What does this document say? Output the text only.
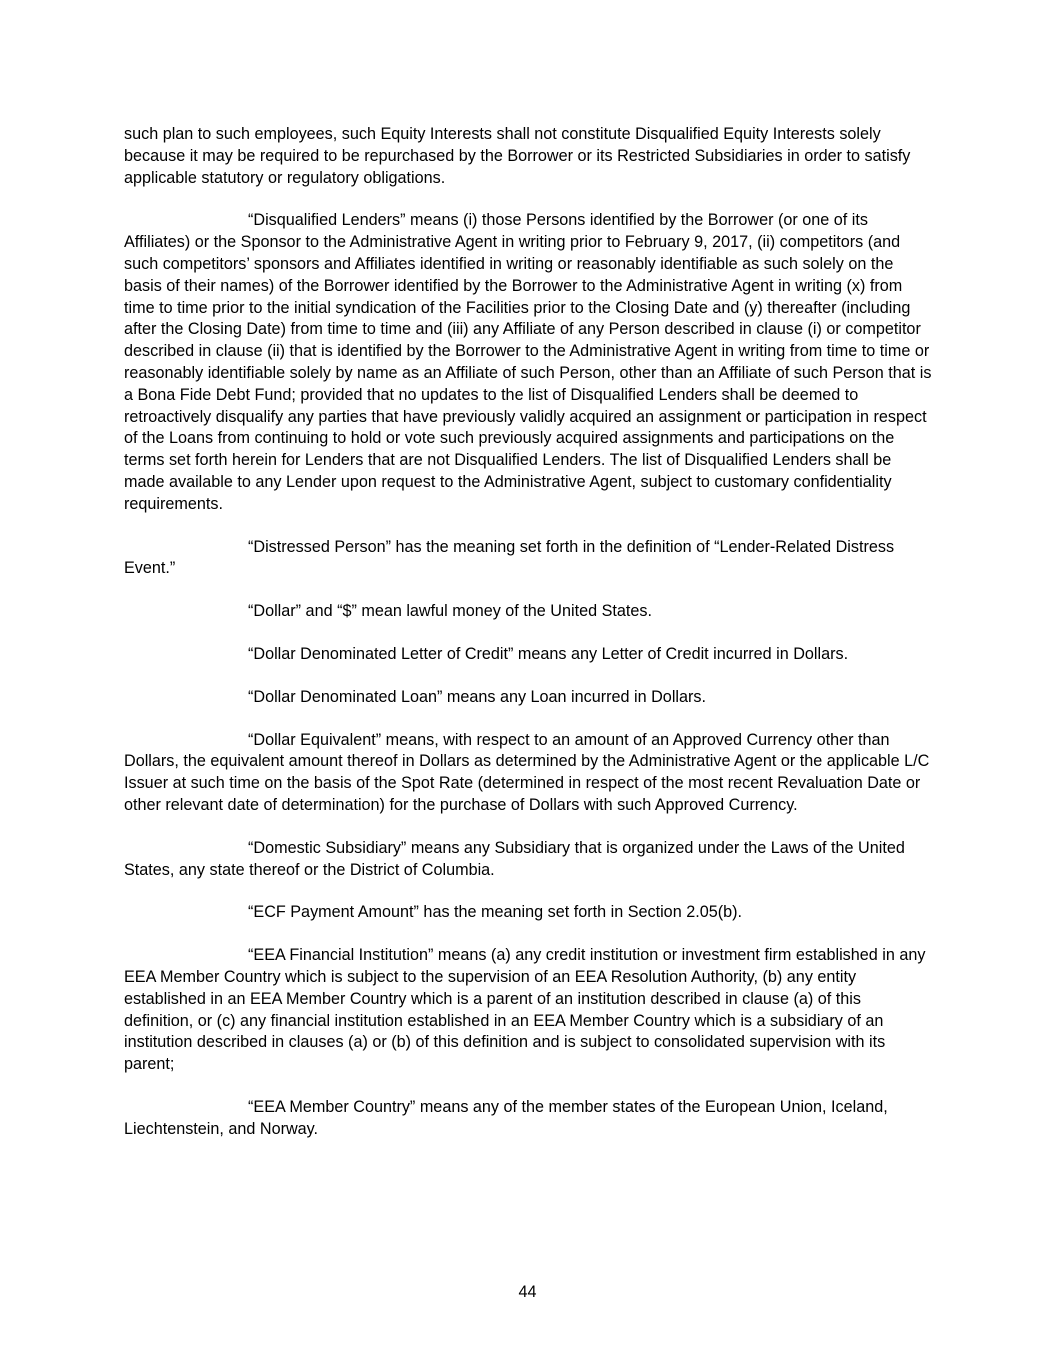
such plan to such employees, such Equity Interests shall not constitute Disqualified Equity Interests solely because it may be required to be repurchased by the Borrower or its Restricted Subsidiaries in order to satisfy applicable statutory or regulatory obligations.

“Disqualified Lenders” means (i) those Persons identified by the Borrower (or one of its Affiliates) or the Sponsor to the Administrative Agent in writing prior to February 9, 2017, (ii) competitors (and such competitors’ sponsors and Affiliates identified in writing or reasonably identifiable as such solely on the basis of their names) of the Borrower identified by the Borrower to the Administrative Agent in writing (x) from time to time prior to the initial syndication of the Facilities prior to the Closing Date and (y) thereafter (including after the Closing Date) from time to time and (iii) any Affiliate of any Person described in clause (i) or competitor described in clause (ii) that is identified by the Borrower to the Administrative Agent in writing from time to time or reasonably identifiable solely by name as an Affiliate of such Person, other than an Affiliate of such Person that is a Bona Fide Debt Fund; provided that no updates to the list of Disqualified Lenders shall be deemed to retroactively disqualify any parties that have previously validly acquired an assignment or participation in respect of the Loans from continuing to hold or vote such previously acquired assignments and participations on the terms set forth herein for Lenders that are not Disqualified Lenders. The list of Disqualified Lenders shall be made available to any Lender upon request to the Administrative Agent, subject to customary confidentiality requirements.

“Distressed Person” has the meaning set forth in the definition of “Lender-Related Distress Event.”

“Dollar” and “$” mean lawful money of the United States.

“Dollar Denominated Letter of Credit” means any Letter of Credit incurred in Dollars.

“Dollar Denominated Loan” means any Loan incurred in Dollars.

“Dollar Equivalent” means, with respect to an amount of an Approved Currency other than Dollars, the equivalent amount thereof in Dollars as determined by the Administrative Agent or the applicable L/C Issuer at such time on the basis of the Spot Rate (determined in respect of the most recent Revaluation Date or other relevant date of determination) for the purchase of Dollars with such Approved Currency.

“Domestic Subsidiary” means any Subsidiary that is organized under the Laws of the United States, any state thereof or the District of Columbia.

“ECF Payment Amount” has the meaning set forth in Section 2.05(b).

“EEA Financial Institution” means (a) any credit institution or investment firm established in any EEA Member Country which is subject to the supervision of an EEA Resolution Authority, (b) any entity established in an EEA Member Country which is a parent of an institution described in clause (a) of this definition, or (c) any financial institution established in an EEA Member Country which is a subsidiary of an institution described in clauses (a) or (b) of this definition and is subject to consolidated supervision with its parent;

“EEA Member Country” means any of the member states of the European Union, Iceland, Liechtenstein, and Norway.

44
